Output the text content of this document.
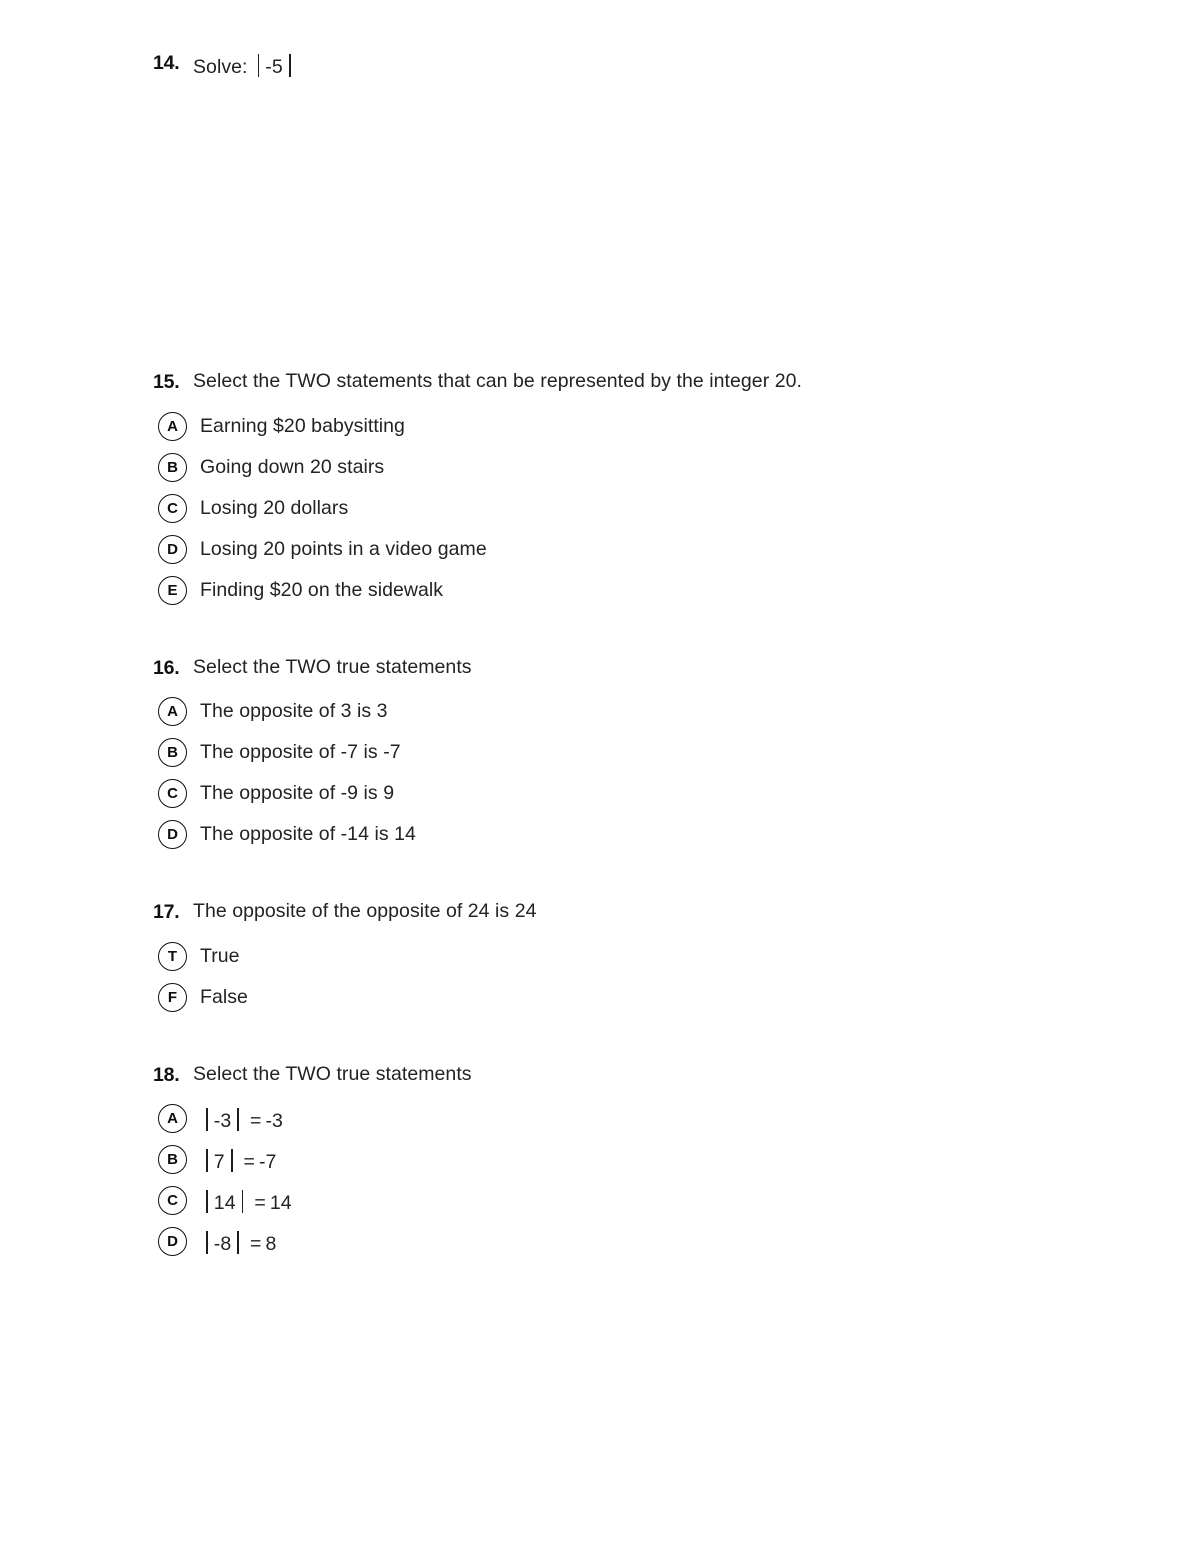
14. Solve: -5
15. Select the TWO statements that can be represented by the integer 20.
A	Earning $20 babysitting
B	Going down 20 stairs
C	Losing 20 dollars
D	Losing 20 points in a video game
E	Finding $20 on the sidewalk
16. Select the TWO true statements
A	The opposite of 3 is 3
B	The opposite of -7 is -7
C	The opposite of -9 is 9
D	The opposite of -14 is 14
17. The opposite of the opposite of 24 is 24
T	True
F	False
18. Select the TWO true statements
A	-3 = -3
B	7 = -7
C	14 = 14
D	-8 = 8
